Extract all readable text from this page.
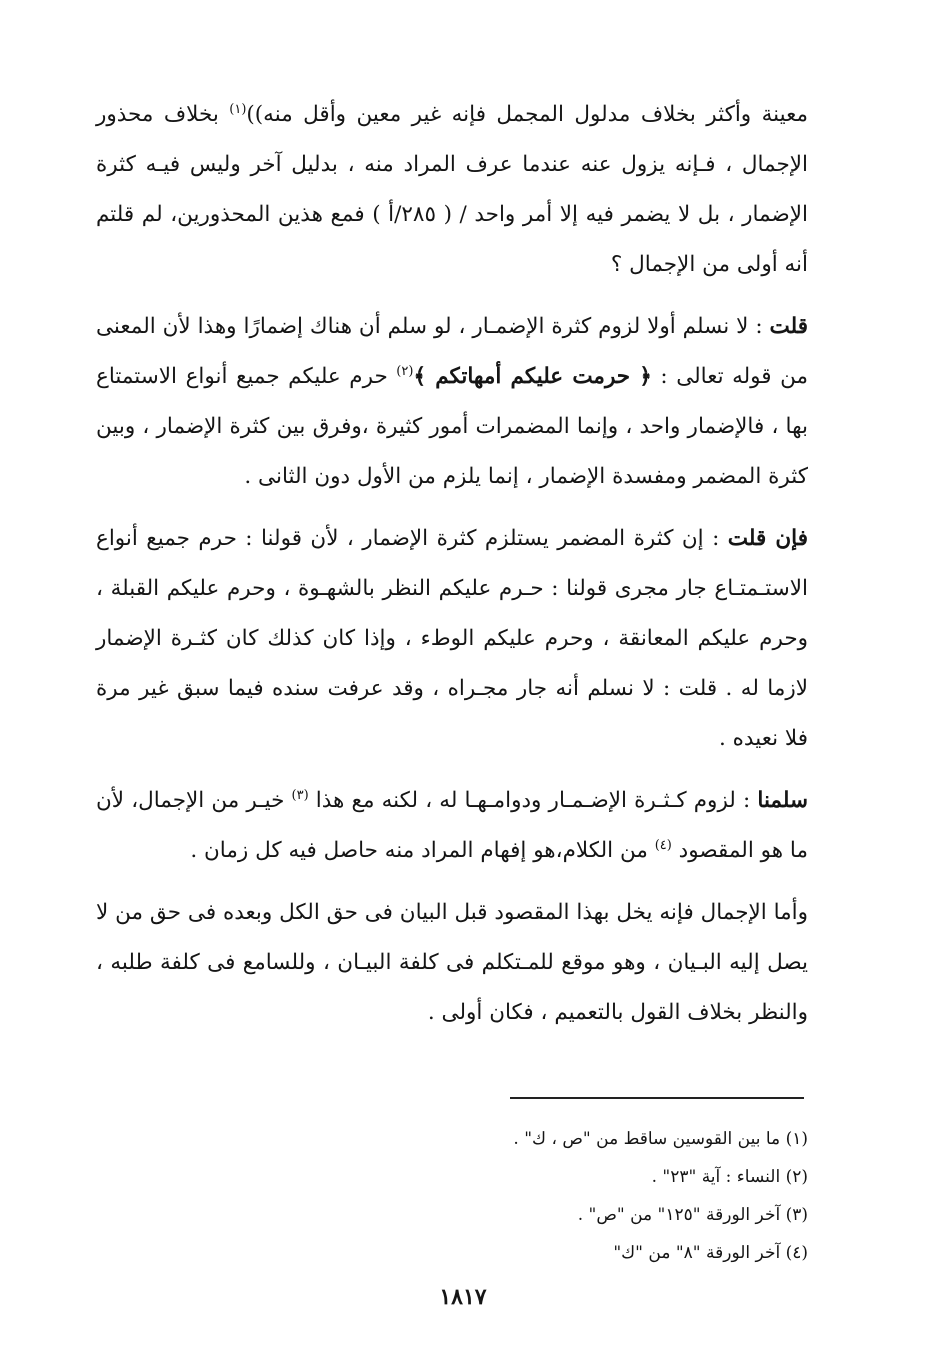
معينة وأكثر بخلاف مدلول المجمل فإنه غير معين وأقل منه))$^{(١)}$ بخلاف محذور الإجمال ، فـإنه يزول عنه عندما عرف المراد منه ، بدليل آخر وليس فيـه كثرة الإضمار ، بل لا يضمر فيه إلا أمر واحد / ( ٢٨٥/أ ) فمع هذين المحذورين، لم قلتم أنه أولى من الإجمال ؟

قلت : لا نسلم أولا لزوم كثرة الإضمـار ، لو سلم أن هناك إضمارًا وهذا لأن المعنى من قوله تعالى : ﴿ حرمت عليكم أمهاتكم ﴾$^{(٢)}$ حرم عليكم جميع أنواع الاستمتاع بها ، فالإضمار واحد ، وإنما المضمرات أمور كثيرة ،وفرق بين كثرة الإضمار ، وبين كثرة المضمر ومفسدة الإضمار ، إنما يلزم من الأول دون الثانى .

فإن قلت : إن كثرة المضمر يستلزم كثرة الإضمار ، لأن قولنا : حرم جميع أنواع الاستـمتـاع جار مجرى قولنا : حـرم عليكم النظر بالشهـوة ، وحرم عليكم القبلة ، وحرم عليكم المعانقة ، وحرم عليكم الوطء ، وإذا كان كذلك كان كثـرة الإضمار لازما له . قلت : لا نسلم أنه جار مجـراه ، وقد عرفت سنده فيما سبق غير مرة فلا نعيده .

سلمنا : لزوم كـثـرة الإضـمـار ودوامـهـا له ، لكنه مع هذا $^{(٣)}$ خيـر من الإجمال، لأن ما هو المقصود $^{(٤)}$ من الكلام،هو إفهام المراد منه حاصل فيه كل زمان .

وأما الإجمال فإنه يخل بهذا المقصود قبل البيان فى حق الكل وبعده فى حق من لا يصل إليه البـيان ، وهو موقع للمـتكلم فى كلفة البيـان ، وللسامع فى كلفة طلبه ، والنظر بخلاف القول بالتعميم ، فكان أولى .

(١) ما بين القوسين ساقط من "ص ، ك" .

(٢) النساء : آية "٢٣" .

(٣) آخر الورقة "١٢٥" من "ص" .

(٤) آخر الورقة "٨" من "ك"

١٨١٧
